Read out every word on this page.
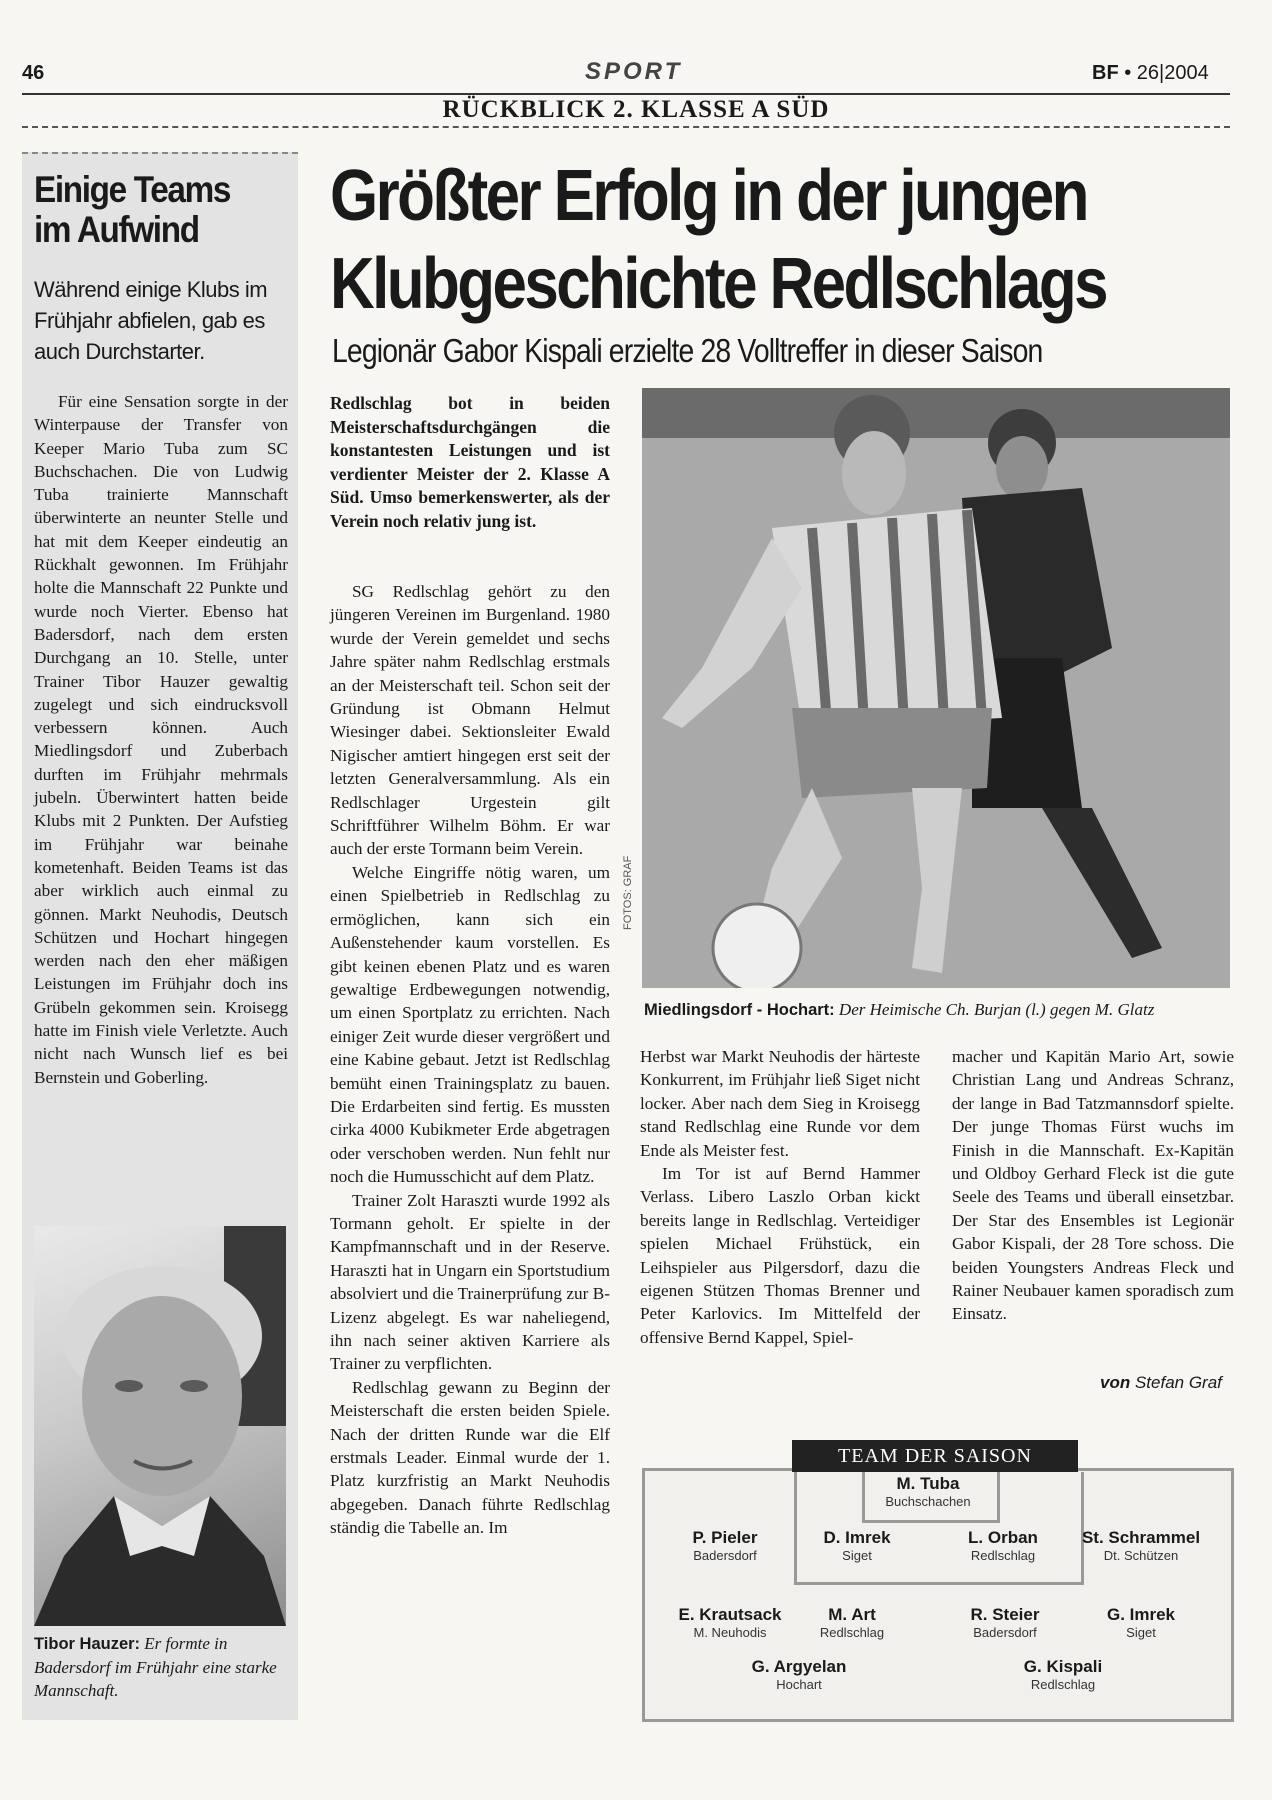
46	SPORT	BF • 26|2004
RÜCKBLICK 2. KLASSE A SÜD
Einige Teams im Aufwind
Während einige Klubs im Frühjahr abfielen, gab es auch Durchstarter.

Für eine Sensation sorgte in der Winterpause der Transfer von Keeper Mario Tuba zum SC Buchschachen. Die von Ludwig Tuba trainierte Mannschaft überwinterte an neunter Stelle und hat mit dem Keeper eindeutig an Rückhalt gewonnen. Im Frühjahr holte die Mannschaft 22 Punkte und wurde noch Vierter. Ebenso hat Badersdorf, nach dem ersten Durchgang an 10. Stelle, unter Trainer Tibor Hauzer gewaltig zugelegt und sich eindrucksvoll verbessern können. Auch Miedlingsdorf und Zuberbach durften im Frühjahr mehrmals jubeln. Überwintert hatten beide Klubs mit 2 Punkten. Der Aufstieg im Frühjahr war beinahe kometenhaft. Beiden Teams ist das aber wirklich auch einmal zu gönnen. Markt Neuhodis, Deutsch Schützen und Hochart hingegen werden nach den eher mäßigen Leistungen im Frühjahr doch ins Grübeln gekommen sein. Kroisegg hatte im Finish viele Verletzte. Auch nicht nach Wunsch lief es bei Bernstein und Goberling.

Tibor Hauzer: Er formte in Badersdorf im Frühjahr eine starke Mannschaft.
Größter Erfolg in der jungen
Klubgeschichte Redlschlags
Legionär Gabor Kispali erzielte 28 Volltreffer in dieser Saison
Redlschlag bot in beiden Meisterschaftsdurchgängen die konstantesten Leistungen und ist verdienter Meister der 2. Klasse A Süd. Umso bemerkenswerter, als der Verein noch relativ jung ist.

SG Redlschlag gehört zu den jüngeren Vereinen im Burgenland. 1980 wurde der Verein gemeldet und sechs Jahre später nahm Redlschlag erstmals an der Meisterschaft teil. Schon seit der Gründung ist Obmann Helmut Wiesinger dabei. Sektionsleiter Ewald Nigischer amtiert hingegen erst seit der letzten Generalversammlung. Als ein Redlschlager Urgestein gilt Schriftführer Wilhelm Böhm. Er war auch der erste Tormann beim Verein.

Welche Eingriffe nötig waren, um einen Spielbetrieb in Redlschlag zu ermöglichen, kann sich ein Außenstehender kaum vorstellen. Es gibt keinen ebenen Platz und es waren gewaltige Erdbewegungen notwendig, um einen Sportplatz zu errichten. Nach einiger Zeit wurde dieser vergrößert und eine Kabine gebaut. Jetzt ist Redlschlag bemüht einen Trainingsplatz zu bauen. Die Erdarbeiten sind fertig. Es mussten cirka 4000 Kubikmeter Erde abgetragen oder verschoben werden. Nun fehlt nur noch die Humusschicht auf dem Platz.

Trainer Zolt Haraszti wurde 1992 als Tormann geholt. Er spielte in der Kampfmannschaft und in der Reserve. Haraszti hat in Ungarn ein Sportstudium absolviert und die Trainerprüfung zur B-Lizenz abgelegt. Es war naheliegend, ihn nach seiner aktiven Karriere als Trainer zu verpflichten.

Redlschlag gewann zu Beginn der Meisterschaft die ersten beiden Spiele. Nach der dritten Runde war die Elf erstmals Leader. Einmal wurde der 1. Platz kurzfristig an Markt Neuhodis abgegeben. Danach führte Redlschlag ständig die Tabelle an. Im

FOTOS: GRAF
Miedlingsdorf - Hochart: Der Heimische Ch. Burjan (l.) gegen M. Glatz

Herbst war Markt Neuhodis der härteste Konkurrent, im Frühjahr ließ Siget nicht locker. Aber nach dem Sieg in Kroisegg stand Redlschlag eine Runde vor dem Ende als Meister fest.

Im Tor ist auf Bernd Hammer Verlass. Libero Laszlo Orban kickt bereits lange in Redlschlag. Verteidiger spielen Michael Frühstück, ein Leihspieler aus Pilgersdorf, dazu die eigenen Stützen Thomas Brenner und Peter Karlovics. Im Mittelfeld der offensive Bernd Kappel, Spiel-

macher und Kapitän Mario Art, sowie Christian Lang und Andreas Schranz, der lange in Bad Tatzmannsdorf spielte. Der junge Thomas Fürst wuchs im Finish in die Mannschaft. Ex-Kapitän und Oldboy Gerhard Fleck ist die gute Seele des Teams und überall einsetzbar. Der Star des Ensembles ist Legionär Gabor Kispali, der 28 Tore schoss. Die beiden Youngsters Andreas Fleck und Rainer Neubauer kamen sporadisch zum Einsatz.

von Stefan Graf
TEAM DER SAISON
M. Tuba
Buchschachen
P. Pieler
Badersdorf
D. Imrek
Siget
L. Orban
Redlschlag
St. Schrammel
Dt. Schützen
E. Krautsack
M. Neuhodis
M. Art
Redlschlag
R. Steier
Badersdorf
G. Imrek
Siget
G. Argyelan
Hochart
G. Kispali
Redlschlag
